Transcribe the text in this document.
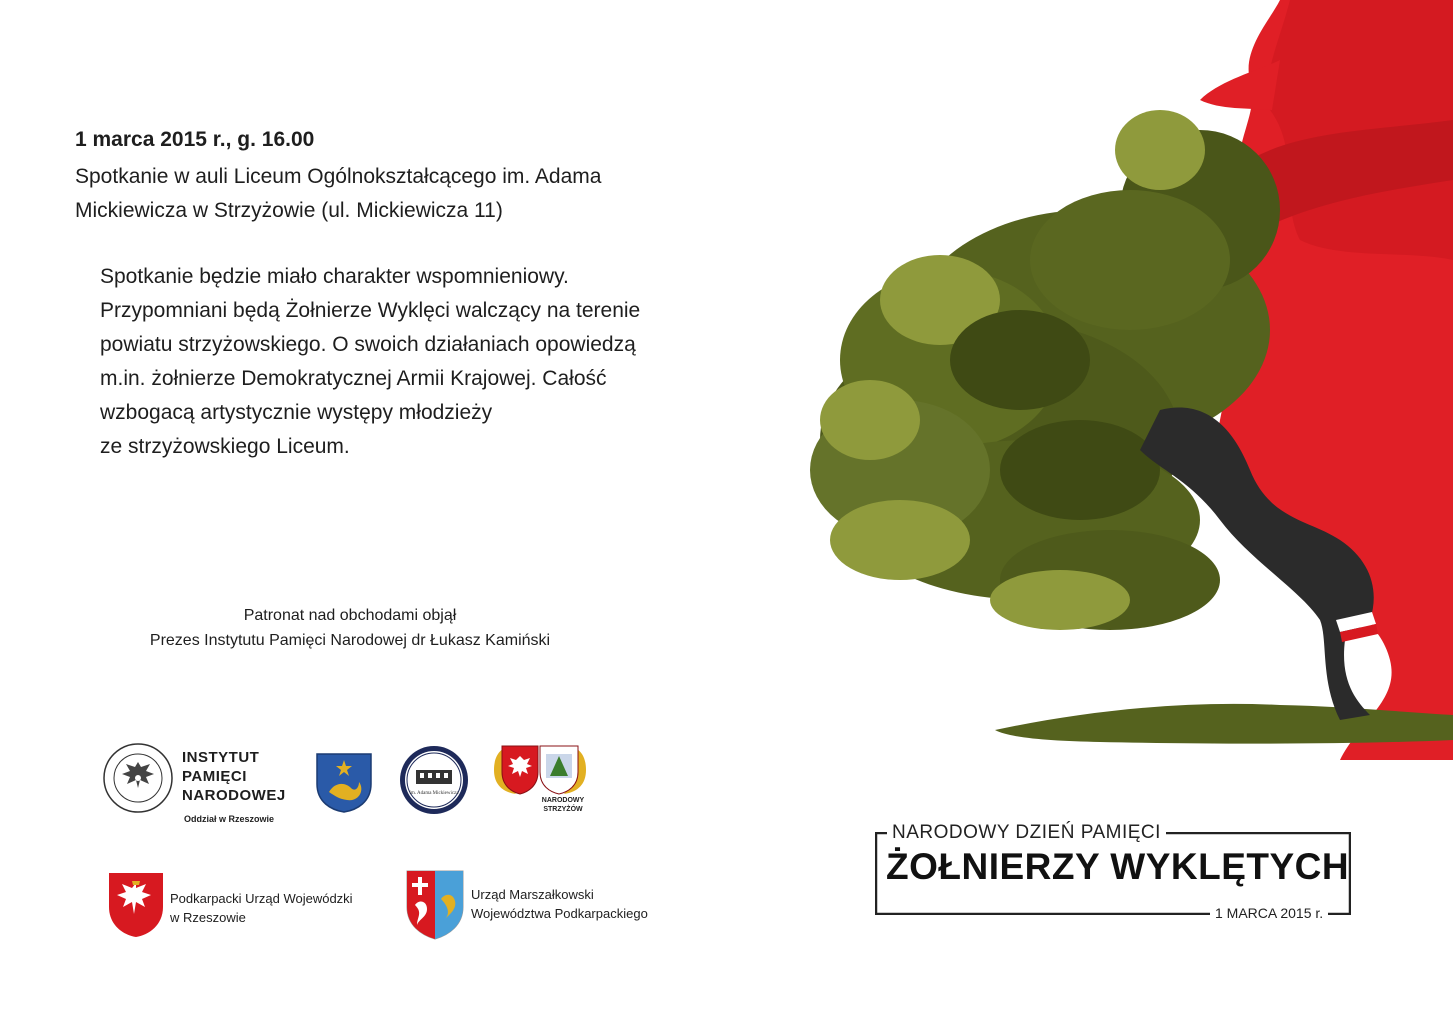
1 marca 2015 r., g. 16.00
Spotkanie w auli Liceum Ogólnokształcącego im. Adama
Mickiewicza w Strzyżowie (ul. Mickiewicza 11)
Spotkanie będzie miało charakter wspomnieniowy.
Przypomniani będą Żołnierze Wyklęci walczący na terenie
powiatu strzyżowskiego. O swoich działaniach opowiedzą
m.in. żołnierze Demokratycznej Armii Krajowej. Całość
wzbogacą artystycznie występy młodzieży
ze strzyżowskiego Liceum.
Patronat nad obchodami objął
Prezes Instytutu Pamięci Narodowej dr Łukasz Kamiński
INSTYTUT
PAMIĘCI
NARODOWEJ
Oddział w Rzeszowie
im. Adama Mickiewicza
NARODOWY
STRZYŻÓW
Podkarpacki Urząd Wojewódzki
w Rzeszowie
Urząd Marszałkowski
Województwa Podkarpackiego
NARODOWY DZIEŃ PAMIĘCI
ŻOŁNIERZY WYKLĘTYCH
1 MARCA 2015 r.
